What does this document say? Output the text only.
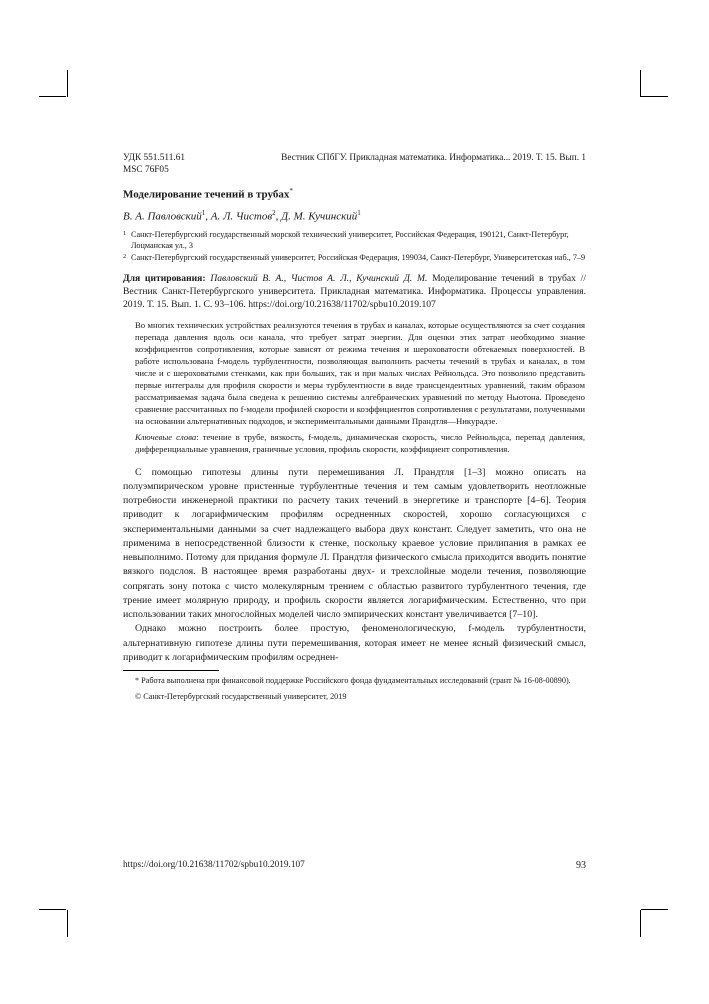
УДК 551.511.61	Вестник СПбГУ. Прикладная математика. Информатика... 2019. Т. 15. Вып. 1
MSC 76F05
Моделирование течений в трубах*
В. А. Павловский$^1$, А. Л. Чистов$^2$, Д. М. Кучинский$^1$
1 Санкт-Петербургский государственный морской технический университет, Российская Федерация, 190121, Санкт-Петербург, Лоцманская ул., 3
2 Санкт-Петербургский государственный университет, Российская Федерация, 199034, Санкт-Петербург, Университетская наб., 7–9
Для цитирования: Павловский В. А., Чистов А. Л., Кучинский Д. М. Моделирование течений в трубах // Вестник Санкт-Петербургского университета. Прикладная математика. Информатика. Процессы управления. 2019. Т. 15. Вып. 1. С. 93–106. https://doi.org/10.21638/11702/spbu10.2019.107
Во многих технических устройствах реализуются течения в трубах и каналах, которые осуществляются за счет создания перепада давления вдоль оси канала, что требует затрат энергии. Для оценки этих затрат необходимо знание коэффициентов сопротивления, которые зависят от режима течения и шероховатости обтекаемых поверхностей. В работе использована f-модель турбулентности, позволяющая выполнить расчеты течений в трубах и каналах, в том числе и с шероховатыми стенками, как при больших, так и при малых числах Рейнольдса. Это позволило представить первые интегралы для профиля скорости и меры турбулентности в виде трансцендентных уравнений, таким образом рассматриваемая задача была сведена к решению системы алгебраических уравнений по методу Ньютона. Проведено сравнение рассчитанных по f-модели профилей скорости и коэффициентов сопротивления с результатами, полученными на основании альтернативных подходов, и экспериментальными данными Прандтля—Никурадзе.
Ключевые слова: течение в трубе, вязкость, f-модель, динамическая скорость, число Рейнольдса, перепад давления, дифференциальные уравнения, граничные условия, профиль скорости, коэффициент сопротивления.

С помощью гипотезы длины пути перемешивания Л. Прандтля [1–3] можно описать на полуэмпирическом уровне пристенные турбулентные течения и тем самым удовлетворить неотложные потребности инженерной практики по расчету таких течений в энергетике и транспорте [4–6]. Теория приводит к логарифмическим профилям осредненных скоростей, хорошо согласующихся с экспериментальными данными за счет надлежащего выбора двух констант. Следует заметить, что она не применима в непосредственной близости к стенке, поскольку краевое условие прилипания в рамках ее невыполнимо. Потому для придания формуле Л. Прандтля физического смысла приходится вводить понятие вязкого подслоя. В настоящее время разработаны двух- и трехслойные модели течения, позволяющие сопрягать зону потока с чисто молекулярным трением с областью развитого турбулентного течения, где трение имеет молярную природу, и профиль скорости является логарифмическим. Естественно, что при использовании таких многослойных моделей число эмпирических констант увеличивается [7–10].

Однако можно построить более простую, феноменологическую, f-модель турбулентности, альтернативную гипотезе длины пути перемешивания, которая имеет не менее ясный физический смысл, приводит к логарифмическим профилям осреднен-

* Работа выполнена при финансовой поддержке Российского фонда фундаментальных исследований (грант № 16-08-00890).
© Санкт-Петербургский государственный университет, 2019
https://doi.org/10.21638/11702/spbu10.2019.107	93
